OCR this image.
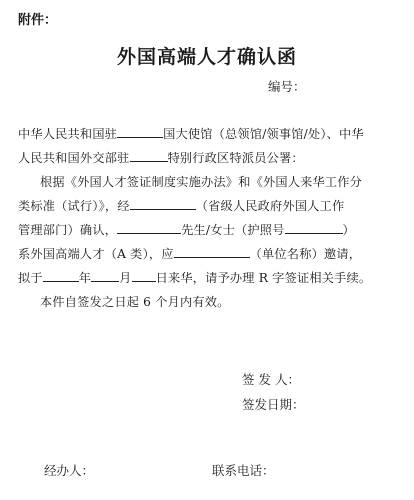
附件：
外国高端人才确认函
编号：
中华人民共和国驻	国大使馆（总领馆/领事馆/处）、中华
人民共和国外交部驻	特别行政区特派员公署：
根据《外国人才签证制度实施办法》和《外国人来华工作分
类标准（试行）》，经	（省级人民政府外国人工作
管理部门）确认，	先生/女士（护照号	）
系外国高端人才（A 类），应	（单位名称）邀请，
拟于	年 月 日来华，请予办理 R 字签证相关手续。
本件自签发之日起 6 个月内有效。
签 发 人：
签发日期：
经办人：	联系电话：
